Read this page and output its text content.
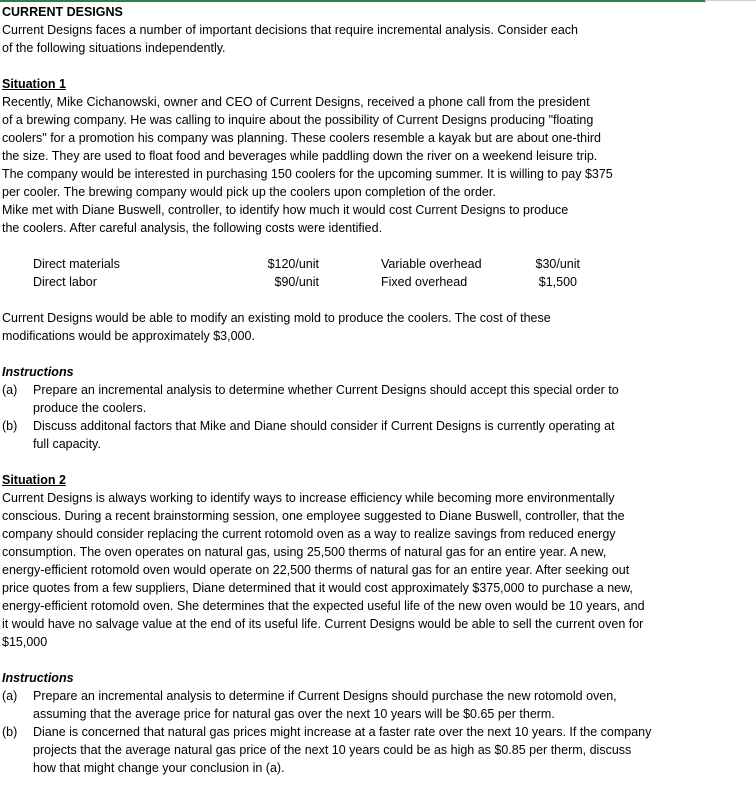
CURRENT DESIGNS
Current Designs faces a number of important decisions that require incremental analysis. Consider each
of the following situations independently.
Situation 1
Recently, Mike Cichanowski, owner and CEO of Current Designs, received a phone call from the president
of a brewing company. He was calling to inquire about the possibility of Current Designs producing "floating
coolers" for a promotion his company was planning. These coolers resemble a kayak but are about one-third
the size. They are used to float food and beverages while paddling down the river on a weekend leisure trip.
The company would be interested in purchasing 150 coolers for the upcoming summer. It is willing to pay $375
per cooler. The brewing company would pick up the coolers upon completion of the order.
Mike met with Diane Buswell, controller, to identify how much it would cost Current Designs to produce
the coolers. After careful analysis, the following costs were identified.
Direct materials	$120/unit	Variable overhead	$30/unit
Direct labor	$90/unit	Fixed overhead	$1,500
Current Designs would be able to modify an existing mold to produce the coolers. The cost of these
modifications would be approximately $3,000.
Instructions
(a) Prepare an incremental analysis to determine whether Current Designs should accept this special order to
produce the coolers.
(b) Discuss additonal factors that Mike and Diane should consider if Current Designs is currently operating at
full capacity.
Situation 2
Current Designs is always working to identify ways to increase efficiency while becoming more environmentally
conscious. During a recent brainstorming session, one employee suggested to Diane Buswell, controller, that the
company should consider replacing the current rotomold oven as a way to realize savings from reduced energy
consumption. The oven operates on natural gas, using 25,500 therms of natural gas for an entire year. A new,
energy-efficient rotomold oven would operate on 22,500 therms of natural gas for an entire year. After seeking out
price quotes from a few suppliers, Diane determined that it would cost approximately $375,000 to purchase a new,
energy-efficient rotomold oven. She determines that the expected useful life of the new oven would be 10 years, and
it would have no salvage value at the end of its useful life. Current Designs would be able to sell the current oven for
$15,000
Instructions
(a) Prepare an incremental analysis to determine if Current Designs should purchase the new rotomold oven,
assuming that the average price for natural gas over the next 10 years will be $0.65 per therm.
(b) Diane is concerned that natural gas prices might increase at a faster rate over the next 10 years. If the company
projects that the average natural gas price of the next 10 years could be as high as $0.85 per therm, discuss
how that might change your conclusion in (a).
